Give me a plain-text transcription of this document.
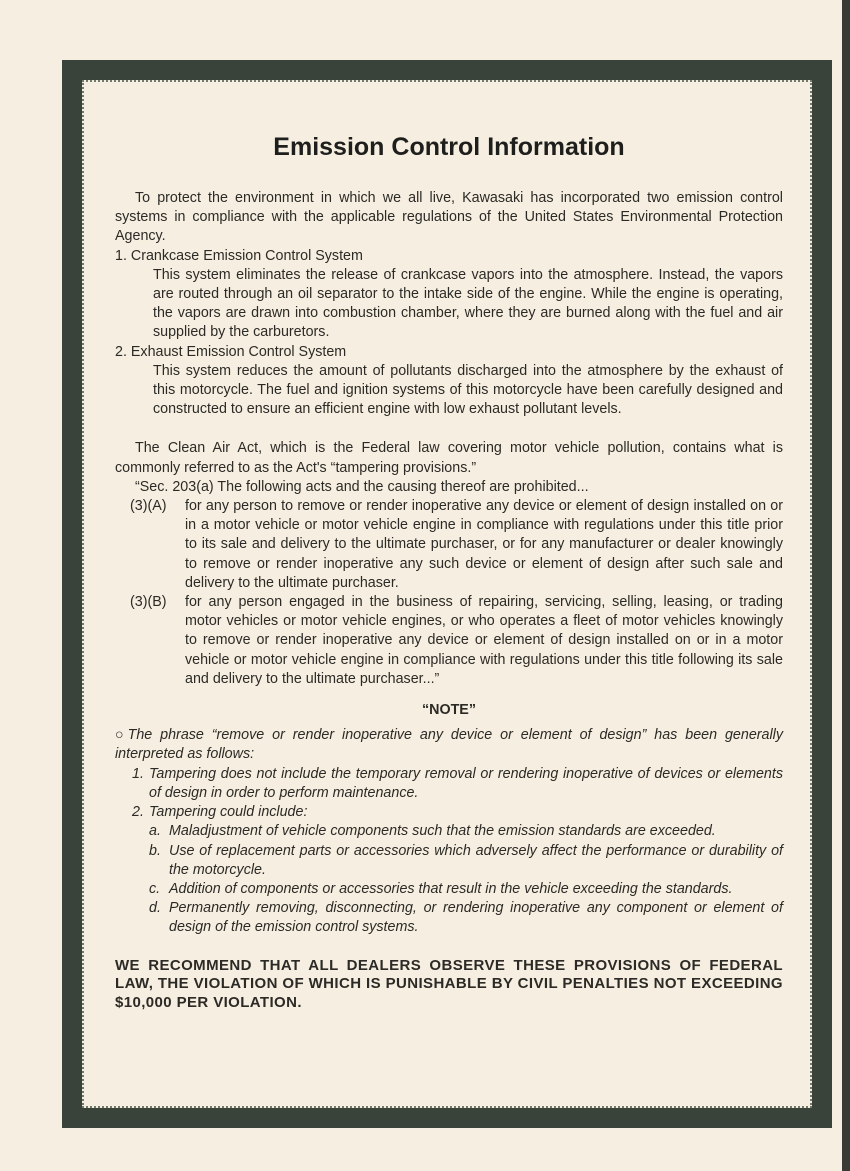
Emission Control Information

To protect the environment in which we all live, Kawasaki has incorporated two emission control systems in compliance with the applicable regulations of the United States Environmental Protection Agency.

1. Crankcase Emission Control System

This system eliminates the release of crankcase vapors into the atmosphere. Instead, the vapors are routed through an oil separator to the intake side of the engine. While the engine is operating, the vapors are drawn into combustion chamber, where they are burned along with the fuel and air supplied by the carburetors.

2. Exhaust Emission Control System

This system reduces the amount of pollutants discharged into the atmosphere by the exhaust of this motorcycle. The fuel and ignition systems of this motorcycle have been carefully designed and constructed to ensure an efficient engine with low exhaust pollutant levels.

The Clean Air Act, which is the Federal law covering motor vehicle pollution, contains what is commonly referred to as the Act's “tampering provisions.”

“Sec. 203(a) The following acts and the causing thereof are prohibited...

(3)(A)	for any person to remove or render inoperative any device or element of design installed on or in a motor vehicle or motor vehicle engine in compliance with regulations under this title prior to its sale and delivery to the ultimate purchaser, or for any manufacturer or dealer knowingly to remove or render inoperative any such device or element of design after such sale and delivery to the ultimate purchaser.
(3)(B)	for any person engaged in the business of repairing, servicing, selling, leasing, or trading motor vehicles or motor vehicle engines, or who operates a fleet of motor vehicles knowingly to remove or render inoperative any device or element of design installed on or in a motor vehicle or motor vehicle engine in compliance with regulations under this title following its sale and delivery to the ultimate purchaser...”

“NOTE”

○The phrase “remove or render inoperative any device or element of design” has been generally interpreted as follows:

1. Tampering does not include the temporary removal or rendering inoperative of devices or elements of design in order to perform maintenance.
2. Tampering could include:
a. Maladjustment of vehicle components such that the emission standards are exceeded.
b. Use of replacement parts or accessories which adversely affect the performance or durability of the motorcycle.
c. Addition of components or accessories that result in the vehicle exceeding the standards.
d. Permanently removing, disconnecting, or rendering inoperative any component or element of design of the emission control systems.

WE RECOMMEND THAT ALL DEALERS OBSERVE THESE PROVISIONS OF FEDERAL LAW, THE VIOLATION OF WHICH IS PUNISHABLE BY CIVIL PENALTIES NOT EXCEEDING $10,000 PER VIOLATION.
